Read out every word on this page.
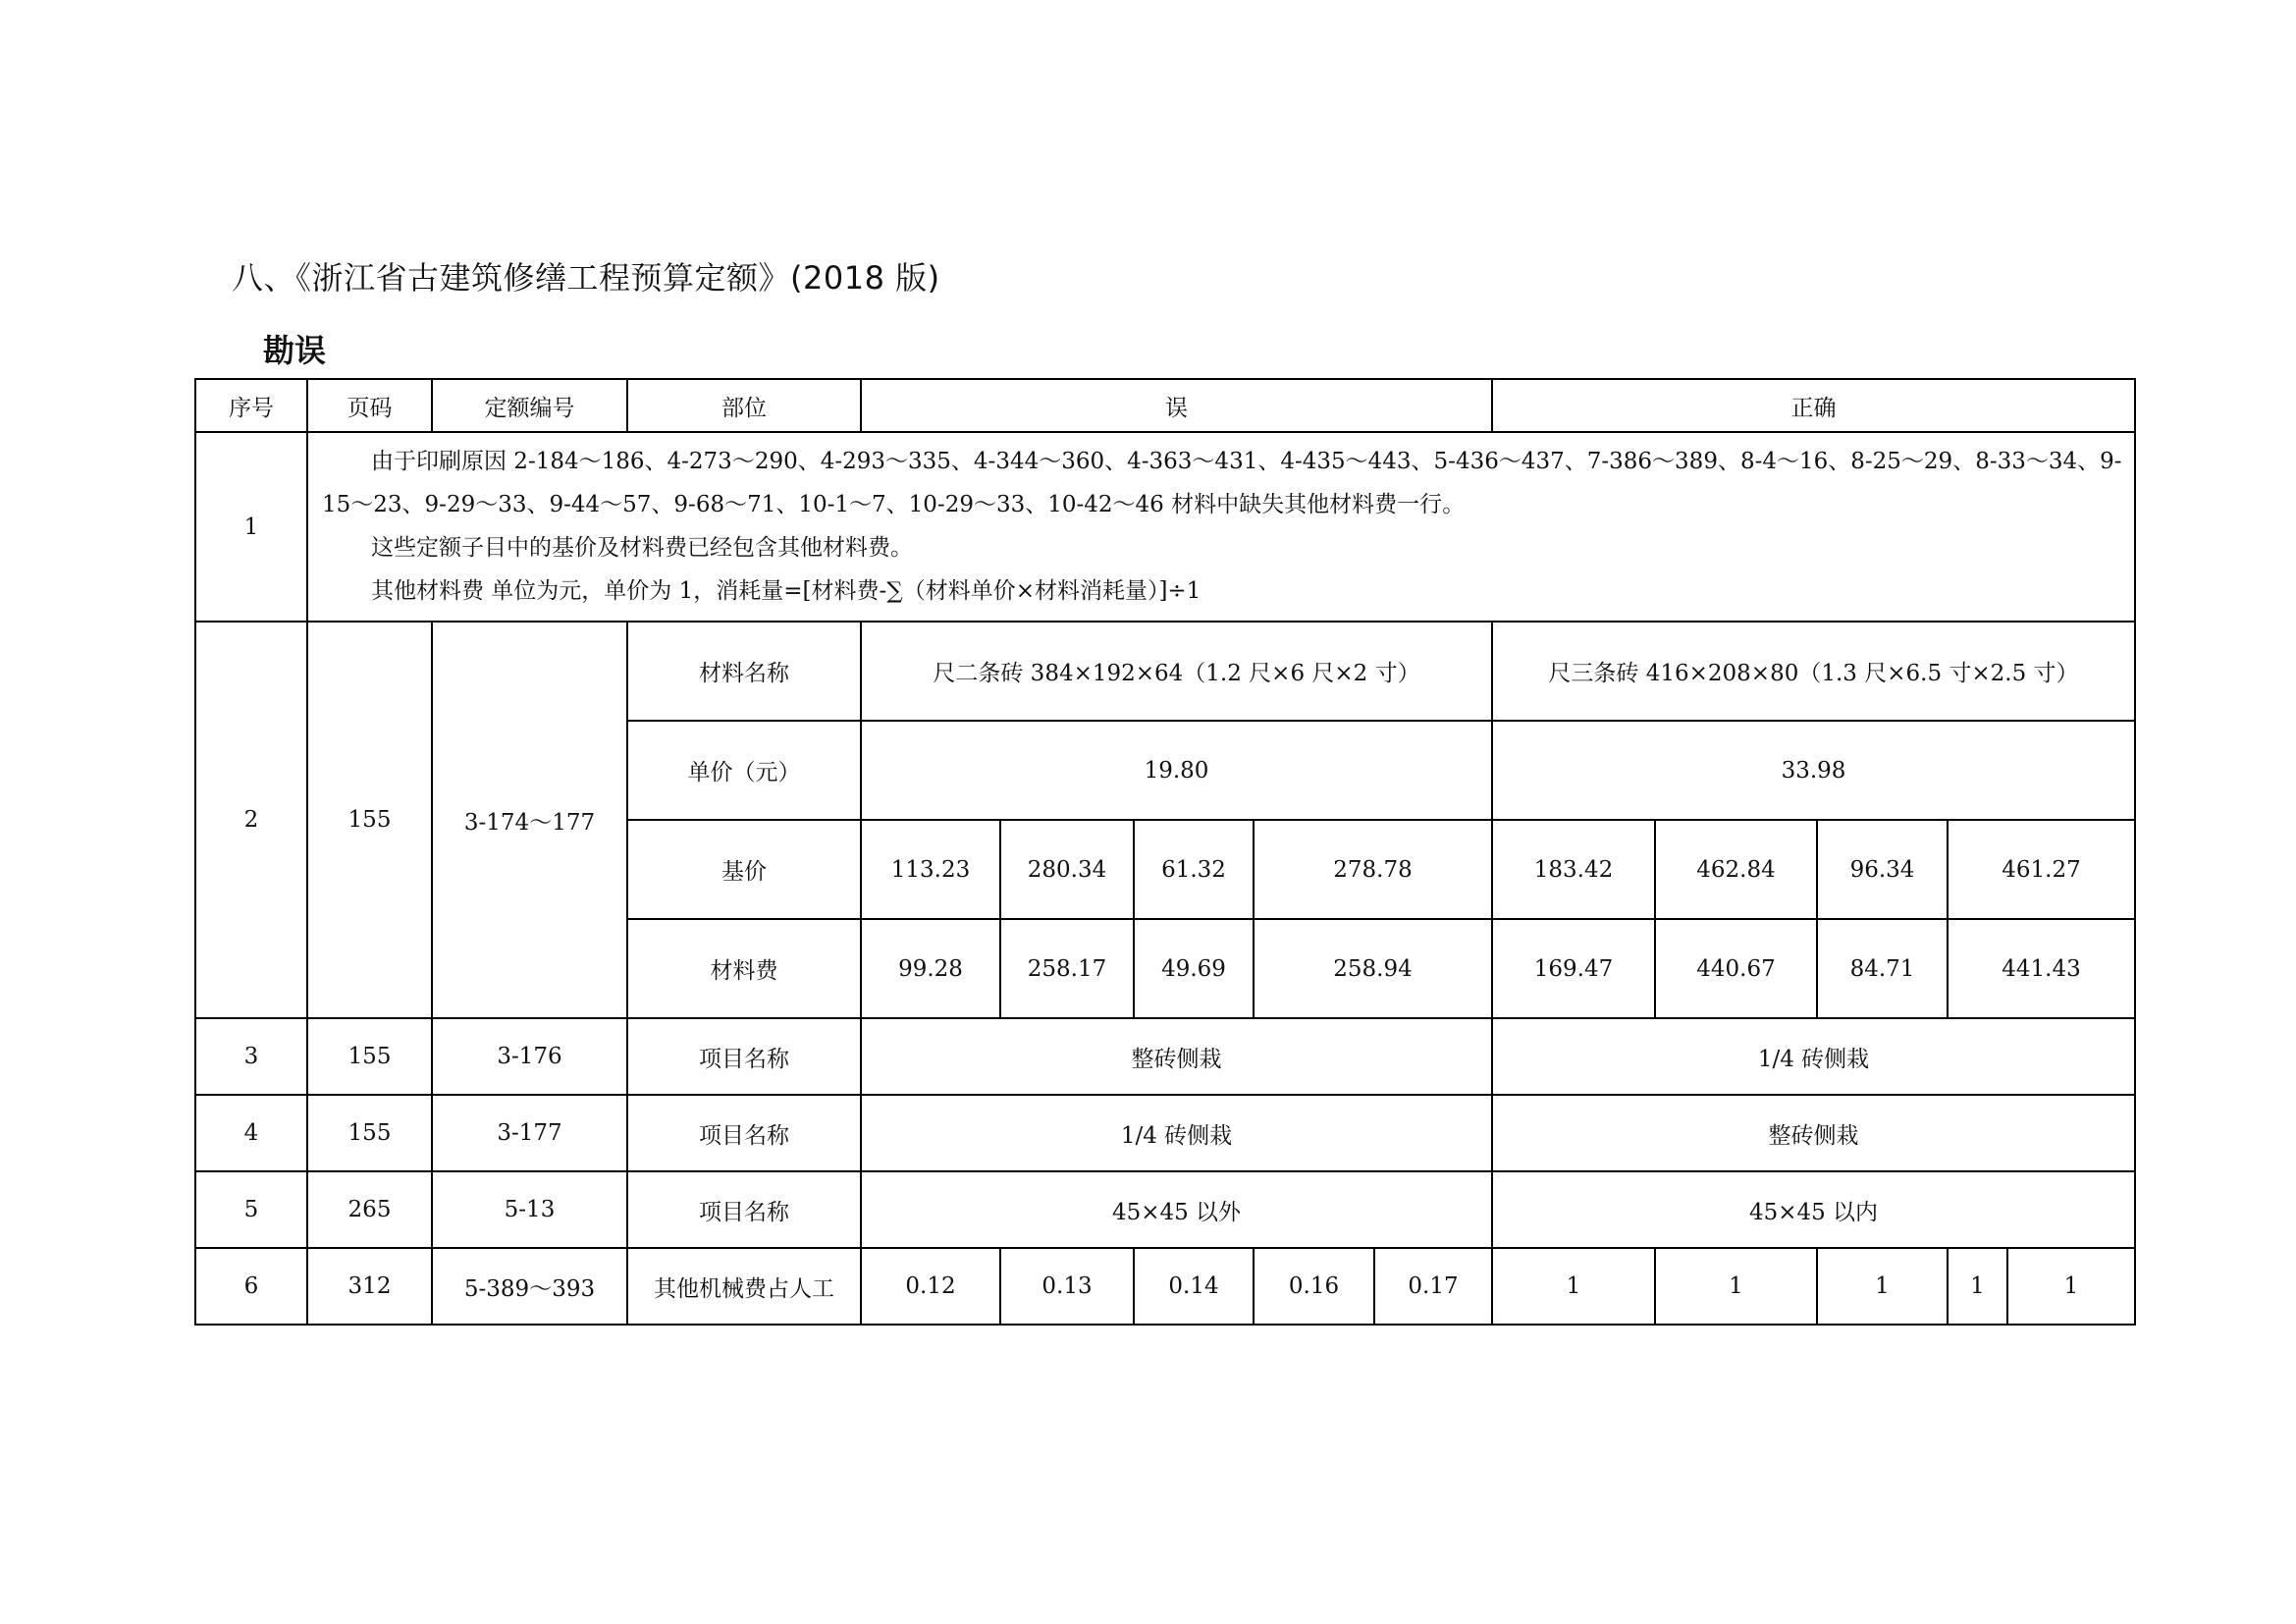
八、《浙江省古建筑修缮工程预算定额》(2018 版)
勘误
序号	页码	定额编号	部位	误					正确				
1	由于印刷原因 2-184～186、4-273～290、4-293～335、4-344～360、4-363～431、4-435～443、5-436～437、7-386～389、8-4～16、8-25～29、8-33～34、9-15～23、9-29～33、9-44～57、9-68～71、10-1～7、10-29～33、10-42～46 材料中缺失其他材料费一行。

这些定额子目中的基价及材料费已经包含其他材料费。

其他材料费 单位为元，单价为 1，消耗量=[材料费-∑（材料单价×材料消耗量）]÷1												

2	155	3-174～177	材料名称	尺二条砖 384×192×64（1.2 尺×6 尺×2 寸）					尺三条砖 416×208×80（1.3 尺×6.5 寸×2.5 寸）				
			单价（元）	19.80					33.98				
			基价	113.23	280.34	61.32	278.78		183.42	462.84	96.34	461.27	
			材料费	99.28	258.17	49.69	258.94		169.47	440.67	84.71	441.43	
3	155	3-176	项目名称	整砖侧栽					1/4 砖侧栽				
4	155	3-177	项目名称	1/4 砖侧栽					整砖侧栽				
5	265	5-13	项目名称	45×45 以外					45×45 以内				
6	312	5-389～393	其他机械费占人工	0.12	0.13	0.14	0.16	0.17	1	1	1	1	1
